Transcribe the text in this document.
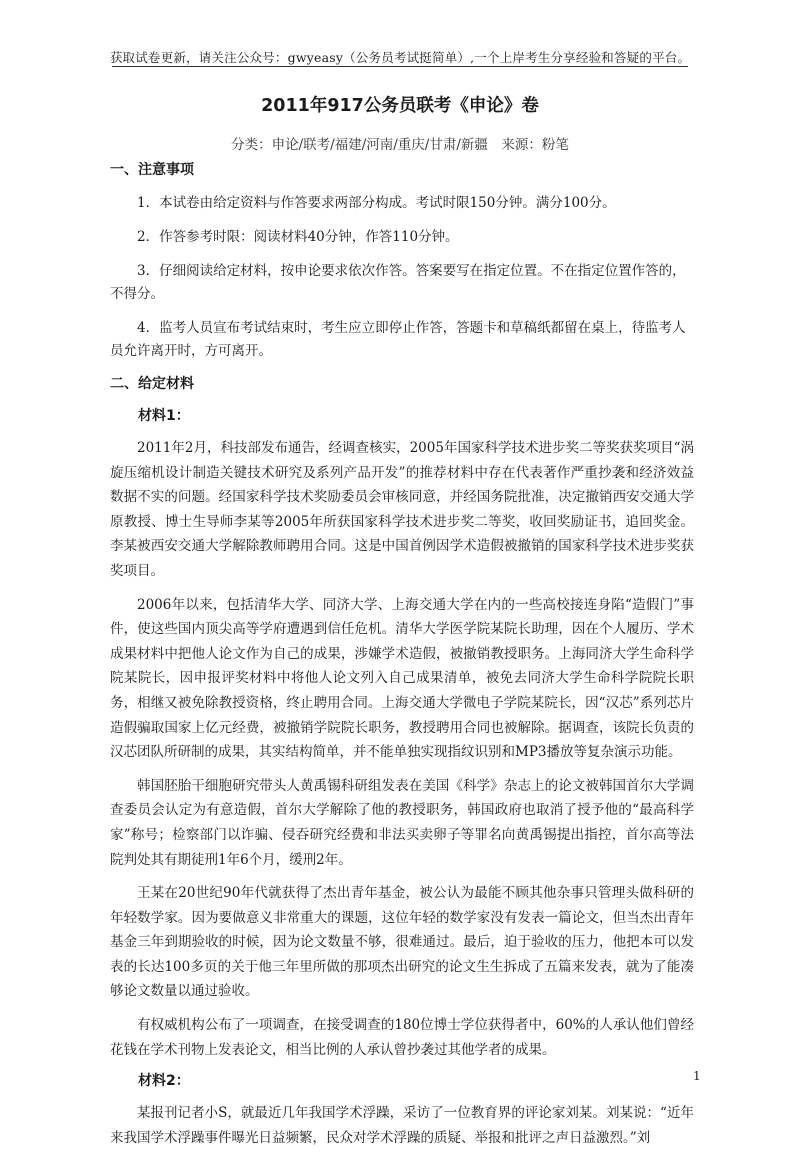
获取试卷更新，请关注公众号：gwyeasy（公务员考试挺简单）,一个上岸考生分享经验和答疑的平台。
2011年917公务员联考《申论》卷
分类：申论/联考/福建/河南/重庆/甘肃/新疆　来源：粉笔
一、注意事项

1．本试卷由给定资料与作答要求两部分构成。考试时限150分钟。满分100分。

2．作答参考时限：阅读材料40分钟，作答110分钟。

3．仔细阅读给定材料，按申论要求依次作答。答案要写在指定位置。不在指定位置作答的，不得分。

4．监考人员宣布考试结束时，考生应立即停止作答，答题卡和草稿纸都留在桌上，待监考人员允许离开时，方可离开。

二、给定材料
材料1：

2011年2月，科技部发布通告，经调查核实，2005年国家科学技术进步奖二等奖获奖项目“涡旋压缩机设计制造关键技术研究及系列产品开发”的推荐材料中存在代表著作严重抄袭和经济效益数据不实的问题。经国家科学技术奖励委员会审核同意，并经国务院批准，决定撤销西安交通大学原教授、博士生导师李某等2005年所获国家科学技术进步奖二等奖，收回奖励证书，追回奖金。李某被西安交通大学解除教师聘用合同。这是中国首例因学术造假被撤销的国家科学技术进步奖获奖项目。

2006年以来，包括清华大学、同济大学、上海交通大学在内的一些高校接连身陷“造假门”事件，使这些国内顶尖高等学府遭遇到信任危机。清华大学医学院某院长助理，因在个人履历、学术成果材料中把他人论文作为自己的成果，涉嫌学术造假，被撤销教授职务。上海同济大学生命科学院某院长，因申报评奖材料中将他人论文列入自己成果清单，被免去同济大学生命科学院院长职务，相继又被免除教授资格，终止聘用合同。上海交通大学微电子学院某院长，因“汉芯”系列芯片造假骗取国家上亿元经费，被撤销学院院长职务，教授聘用合同也被解除。据调查，该院长负责的汉芯团队所研制的成果，其实结构简单，并不能单独实现指纹识别和MP3播放等复杂演示功能。

韩国胚胎干细胞研究带头人黄禹锡科研组发表在美国《科学》杂志上的论文被韩国首尔大学调查委员会认定为有意造假，首尔大学解除了他的教授职务，韩国政府也取消了授予他的“最高科学家”称号；检察部门以诈骗、侵吞研究经费和非法买卖卵子等罪名向黄禹锡提出指控，首尔高等法院判处其有期徒刑1年6个月，缓刑2年。

王某在20世纪90年代就获得了杰出青年基金，被公认为最能不顾其他杂事只管理头做科研的年轻数学家。因为要做意义非常重大的课题，这位年轻的数学家没有发表一篇论文，但当杰出青年基金三年到期验收的时候，因为论文数量不够，很难通过。最后，迫于验收的压力，他把本可以发表的长达100多页的关于他三年里所做的那项杰出研究的论文生生拆成了五篇来发表，就为了能凑够论文数量以通过验收。

有权威机构公布了一项调查，在接受调查的180位博士学位获得者中，60%的人承认他们曾经花钱在学术刊物上发表论文，相当比例的人承认曾抄袭过其他学者的成果。

材料2：

某报刊记者小S，就最近几年我国学术浮躁，采访了一位教育界的评论家刘某。刘某说：“近年来我国学术浮躁事件曝光日益频繁，民众对学术浮躁的质疑、举报和批评之声日益激烈。”刘

1
